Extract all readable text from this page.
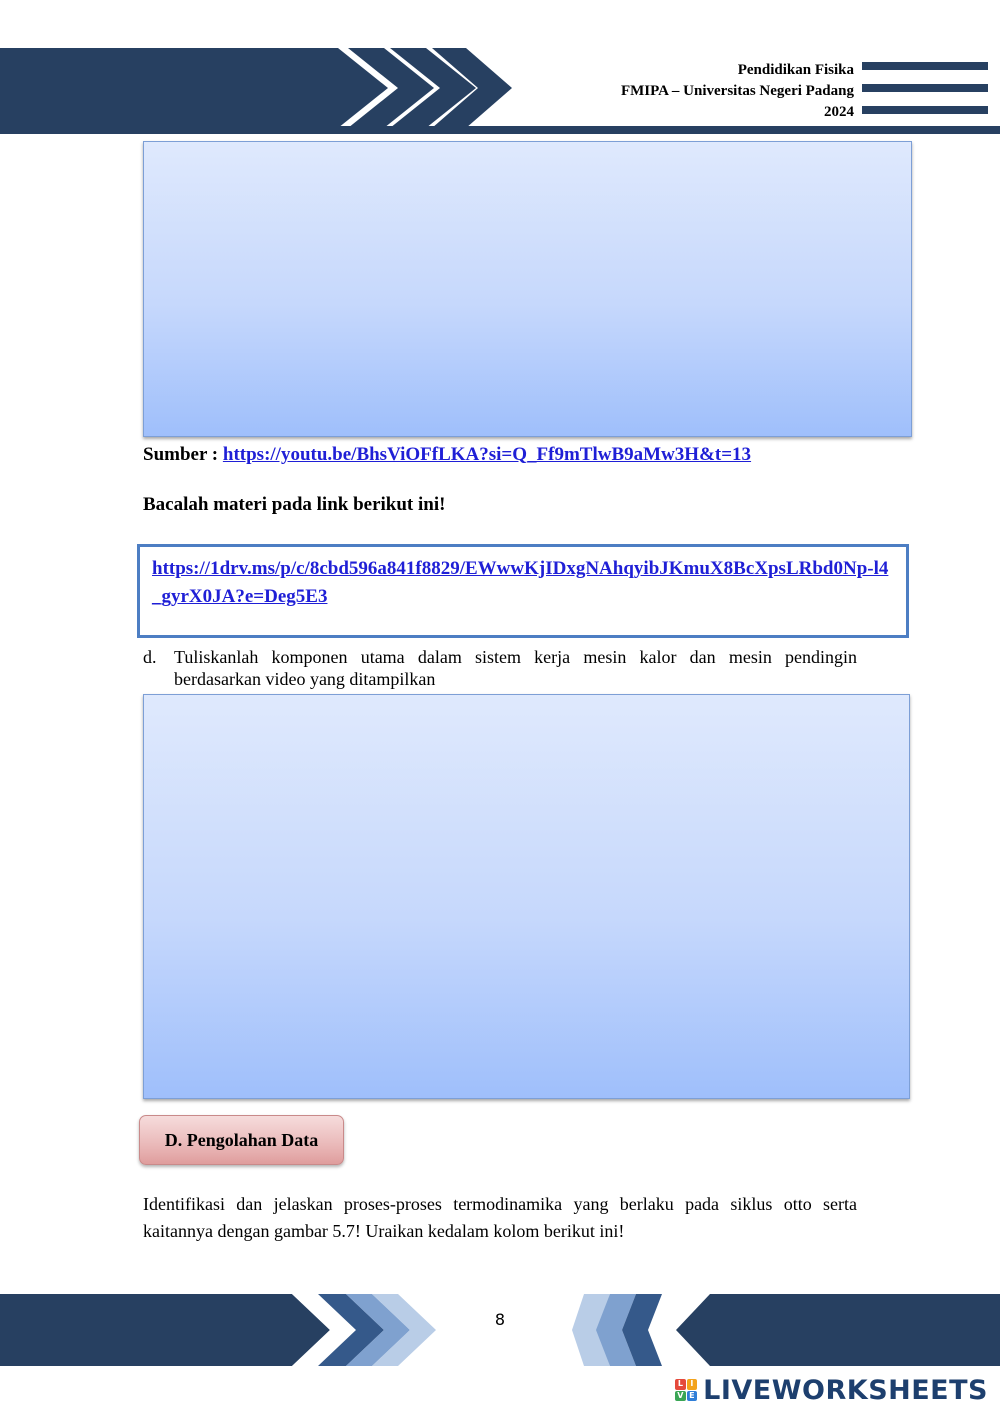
Pendidikan Fisika
FMIPA – Universitas Negeri Padang
2024
Sumber : https://youtu.be/BhsViOFfLKA?si=Q_Ff9mTlwB9aMw3H&t=13
Bacalah materi pada link berikut ini!
https://1drv.ms/p/c/8cbd596a841f8829/EWwwKjIDxgNAhqyibJKmuX8BcXpsLRbd0Np-l4_gyrX0JA?e=Deg5E3
d. Tuliskanlah komponen utama dalam sistem kerja mesin kalor dan mesin pendingin berdasarkan video yang ditampilkan
D. Pengolahan Data
Identifikasi dan jelaskan proses-proses termodinamika yang berlaku pada siklus otto serta kaitannya dengan gambar 5.7! Uraikan kedalam kolom berikut ini!
8
L I
V E LIVEWORKSHEETS
